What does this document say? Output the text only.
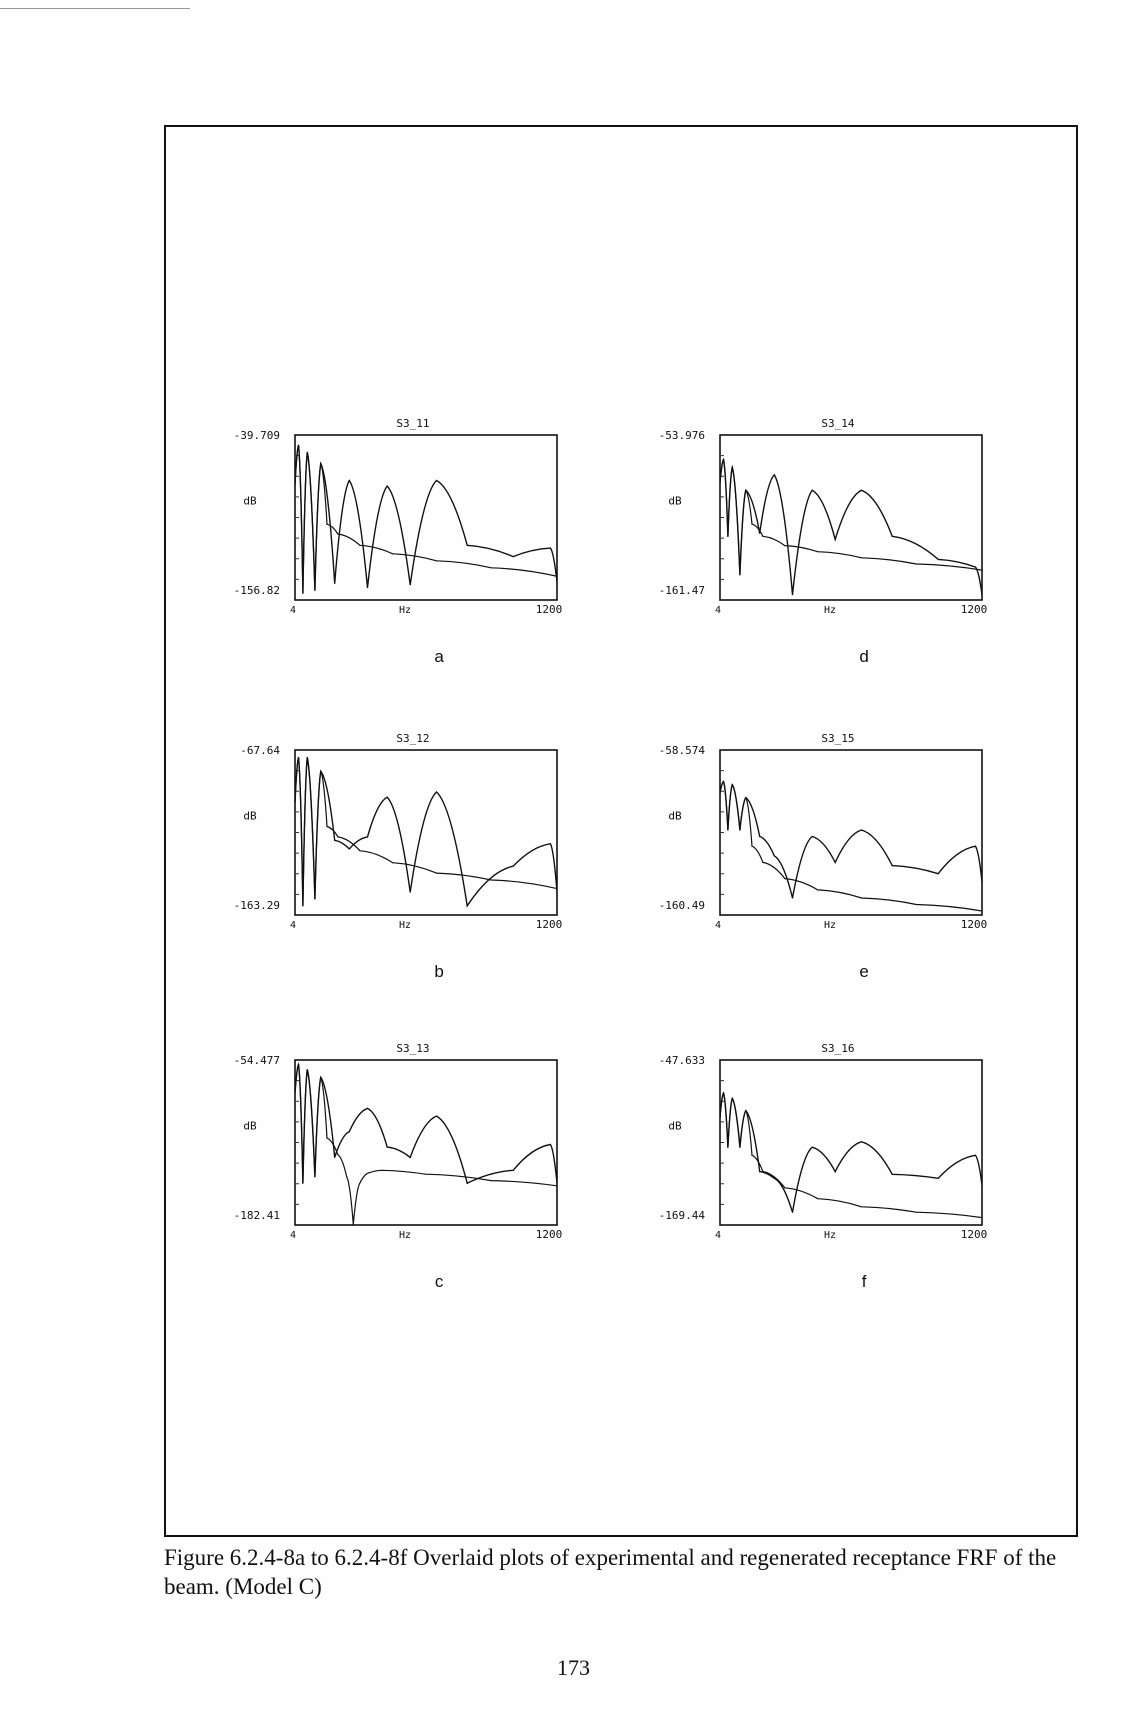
S3_11
-39.709
dB
-156.82
4	Hz	1200
a
S3_14
-53.976
dB
-161.47
4	Hz	1200
d
S3_12
-67.64
dB
-163.29
4	Hz	1200
b
S3_15
-58.574
dB
-160.49
4	Hz	1200
e
S3_13
-54.477
dB
-182.41
4	Hz	1200
c
S3_16
-47.633
dB
-169.44
4	Hz	1200
f
Figure 6.2.4-8a to 6.2.4-8f Overlaid plots of experimental and regenerated receptance FRF of the beam. (Model C)
173
